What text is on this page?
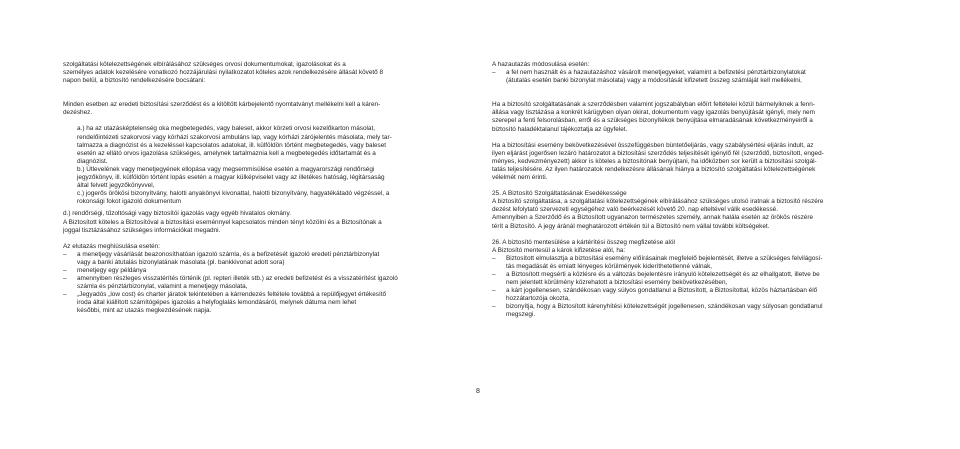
szolgáltatási kötelezettségének elbírálásához szükséges orvosi dokumentumokat, igazolásokat és a

személyes adatok kezelésére vonatkozó hozzájárulási nyilatkozatot köteles azok rendelkezésére állását követő 8

napon belül, a biztosító rendelkezésére bocsátani:

Minden esetben az eredeti biztosítási szerződést és a kitöltött kárbejelentő nyomtatványt mellékelni kell a káren-

dezéshez.

a.) ha az utazásképtelenség oka megbetegedés, vagy baleset, akkor körzeti orvosi kezelőkarton másolat,

rendelőintézeti szakorvosi vagy kórházi szakorvosi ambuláns lap, vagy kórházi zárójelentés másolata, mely tar-

talmazza a diagnózist és a kezeléssel kapcsolatos adatokat, ill. külföldön történt megbetegedés, vagy baleset

esetén az ellátó orvos igazolása szükséges, amelynek tartalmaznia kell a megbetegedés időtartamát és a

diagnózist.

b.) Útlevelének vagy menetjegyének ellopása vagy megsemmisülése esetén a magyarországi rendőrségi

jegyzőkönyv, ill. külföldön történt lopás esetén a magyar külképviselet vagy az illetékes hatóság, légitársaság

által felvett jegyzőkönyvvel,

c.) jogerős örökösi bizonyítvány, halotti anyakönyvi kivonattal, halotti bizonyítvány, hagyatékátadó végzéssel, a

rokonsági fokot igazoló dokumentum

d.) rendőrségi, tűzoltósági vagy biztosítói igazolás vagy egyéb hivatalos okmány.

A Biztosított köteles a Biztosítóval a biztosítási eseménnyel kapcsolatos minden tényt közölni és a Biztosítónak a

joggal tisztázásához szükséges információkat megadni.

Az elutazás meghiúsulása esetén:

– a menetjegy vásárlását beazonosíthatóan igazoló számla, és a befizetését igazoló eredeti pénztárbizonylat

vagy a banki átutalás bizonylatának másolata (pl. bankkivonat adott sora)

– menetjegy egy példánya

– amennyiben részleges visszatérítés történik (pl. repteri illeték stb.) az eredeti befizetést és a visszatérítést igazoló

számla és pénztárbizonylat, valamint a menetjegy másolata,

– „Jegyadós „low cost) és charter járatok tekintetében a kárrendezés feltétele továbbá a repülőjegyet értékesítő

iroda által kiállított számítógépes igazolás a helyfoglalás lemondásáról, melynek dátuma nem lehet

későbbi, mint az utazás megkezdésének napja.

A hazautazás módosulása esetén:

– a fel nem használt és a hazautazáshoz vásárolt menetjegyeket, valamint a befizetési pénztárbizonylatokat

(átutalás esetén banki bizonylat másolata) vagy a módosítását kifizetett összeg számláját kell mellékelni,

Ha a biztosító szolgáltatásának a szerződésben valamint jogszabályban előírt feltételei közül bármelyiknek a fenn-

állása vagy tisztázása a konkrét kárügyben olyan okirat, dokumentum vagy igazolás benyújtását igényli, mely nem

szerepel a fenti felsorolásban, erről és a szükséges bizonyítékok benyújtása elmaradásának következményeiről a

biztosító haladéktalanul tájékoztatja az ügyfelet.

Ha a biztosítási esemény bekövetkezésével összefüggésben büntetőeljárás, vagy szabálysértési eljárás indult, az

ilyen eljárást jogerősen lezáró határozatot a biztosítási szerződés teljesítését igénylő fél (szerződő, biztosított, enged-

ményes, kedvezményezett) akkor is köteles a biztosítónak benyújtani, ha időközben sor került a biztosítási szolgál-

tatás teljesítésére. Az ilyen határozatok rendelkezésre állásának hiánya a biztosító szolgáltatási kötelezettségének

vélelmét nem érinti.

25. A Biztosító Szolgáltatásának Esedékessége

A biztosító szolgáltatása, a szolgáltatási kötelezettségének elbírálásához szükséges utolsó iratnak a biztosító részére

dezést lefolytató szervezeti egységéhez való beérkezését követő 20. nap elteltével válik esedékessé.

Amennyiben a Szerződő és a Biztosított ugyanazon természetes személy, annak halála esetén az örökös részére

térít a Biztosító. A jegy áránál meghatározott értékén túl a Biztosító nem vállal további költségeket.

26. A biztosító mentesülése a kártérítési összeg megfizetése alól

A Biztosító mentesül a károk kifizetése alól, ha:

– Biztosított elmulasztja a biztosítási esemény előírásainak megfelelő bejelentését, illetve a szükséges felvilágosí-

tás megadását és emiatt lényeges körülmények kideríthetetlenné válnak,

– a Biztosított megsérti a közlésre és a változás bejelentésre irányuló kötelezettségét és az elhallgatott, illetve be

nem jelentett körülmény közrehatott a biztosítási esemény bekövetkezésében,

– a kárt jogellenesen, szándékosan vagy súlyos gondatlanul a Biztosított, a Biztosítottal, közös háztartásban élő

hozzátartozója okozta,

– bizonyítja, hogy a Biztosított kárenyhítési kötelezettségét jogellenesen, szándékosan vagy súlyosan gondatlanul

megszegi.

8
